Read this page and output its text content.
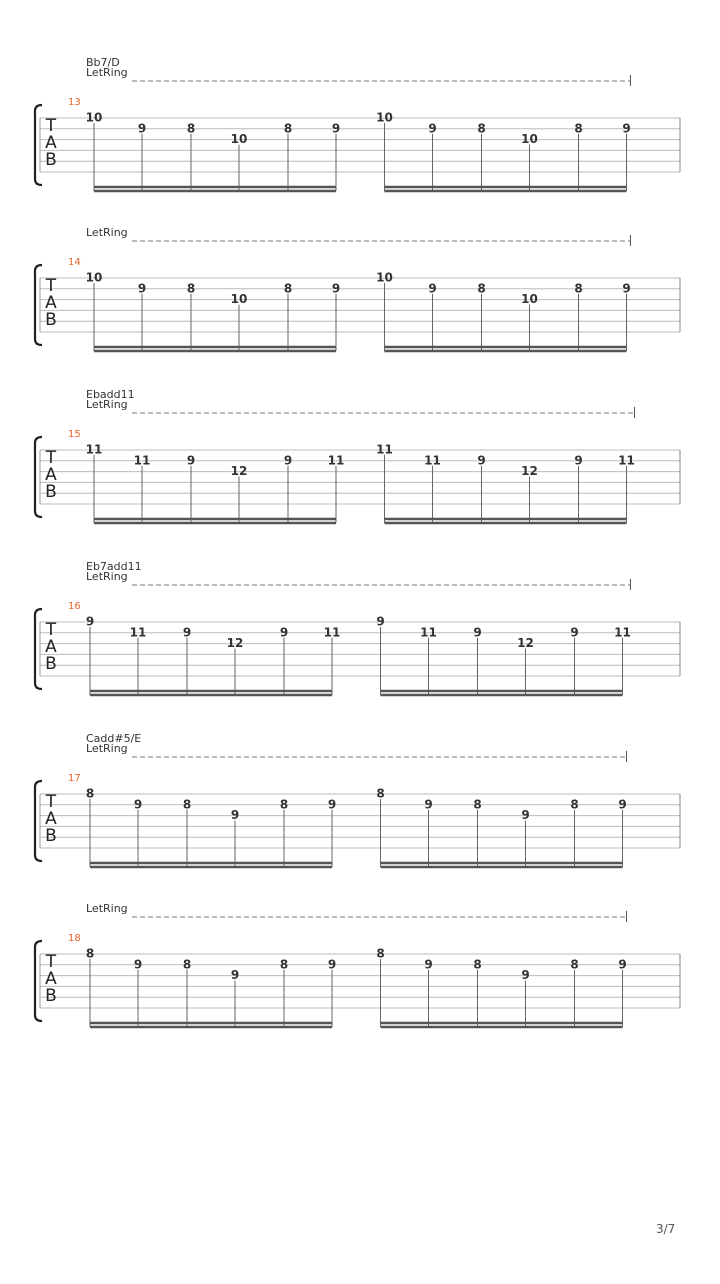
Bb7/D
LetRing
13
T
A
B
10
9	8
10
8	9
10
9	8
10
8	9
LetRing
14
T
A
B
10
9	8
10
8	9
10
9	8
10
8	9
Ebadd11
LetRing
15
T
A
B
11
11	9
12
9	11
11
11	9
12
9	11
Eb7add11
LetRing
16
T
A
B
9
11	9
12
9	11
9
11	9
12
9	11
Cadd#5/E
LetRing
17
T
A
B
8
9	8
9
8	9
8
9	8
9
8	9
LetRing
18
T
A
B
8
9	8
9
8	9
8
9	8
9
8	9
3/7
